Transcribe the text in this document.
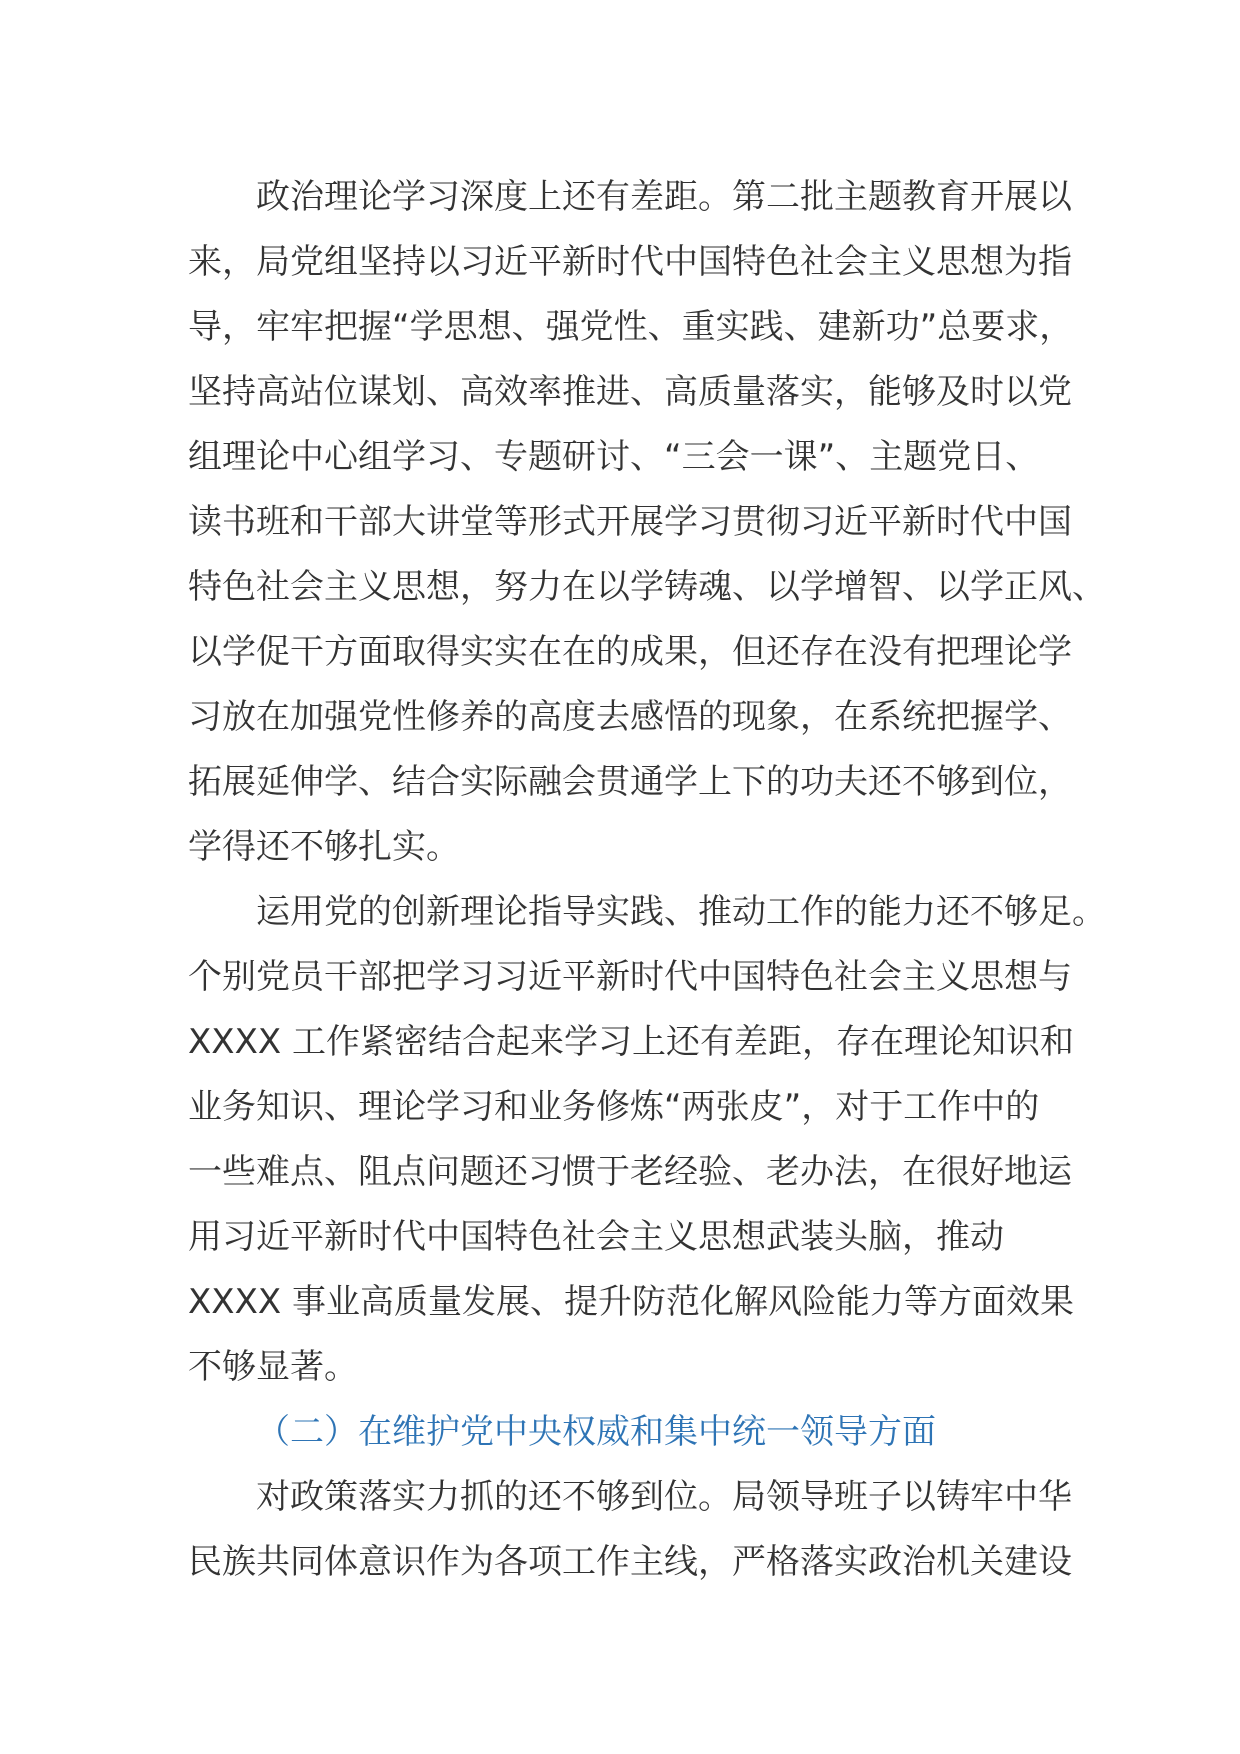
政治理论学习深度上还有差距。第二批主题教育开展以
来，局党组坚持以习近平新时代中国特色社会主义思想为指
导，牢牢把握“学思想、强党性、重实践、建新功”总要求，
坚持高站位谋划、高效率推进、高质量落实，能够及时以党
组理论中心组学习、专题研讨、“三会一课”、主题党日、
读书班和干部大讲堂等形式开展学习贯彻习近平新时代中国
特色社会主义思想，努力在以学铸魂、以学增智、以学正风、
以学促干方面取得实实在在的成果，但还存在没有把理论学
习放在加强党性修养的高度去感悟的现象，在系统把握学、
拓展延伸学、结合实际融会贯通学上下的功夫还不够到位，
学得还不够扎实。
运用党的创新理论指导实践、推动工作的能力还不够足。
个别党员干部把学习习近平新时代中国特色社会主义思想与
XXXX 工作紧密结合起来学习上还有差距，存在理论知识和
业务知识、理论学习和业务修炼“两张皮”，对于工作中的
一些难点、阻点问题还习惯于老经验、老办法，在很好地运
用习近平新时代中国特色社会主义思想武装头脑，推动
XXXX 事业高质量发展、提升防范化解风险能力等方面效果
不够显著。
（二）在维护党中央权威和集中统一领导方面
对政策落实力抓的还不够到位。局领导班子以铸牢中华
民族共同体意识作为各项工作主线，严格落实政治机关建设
